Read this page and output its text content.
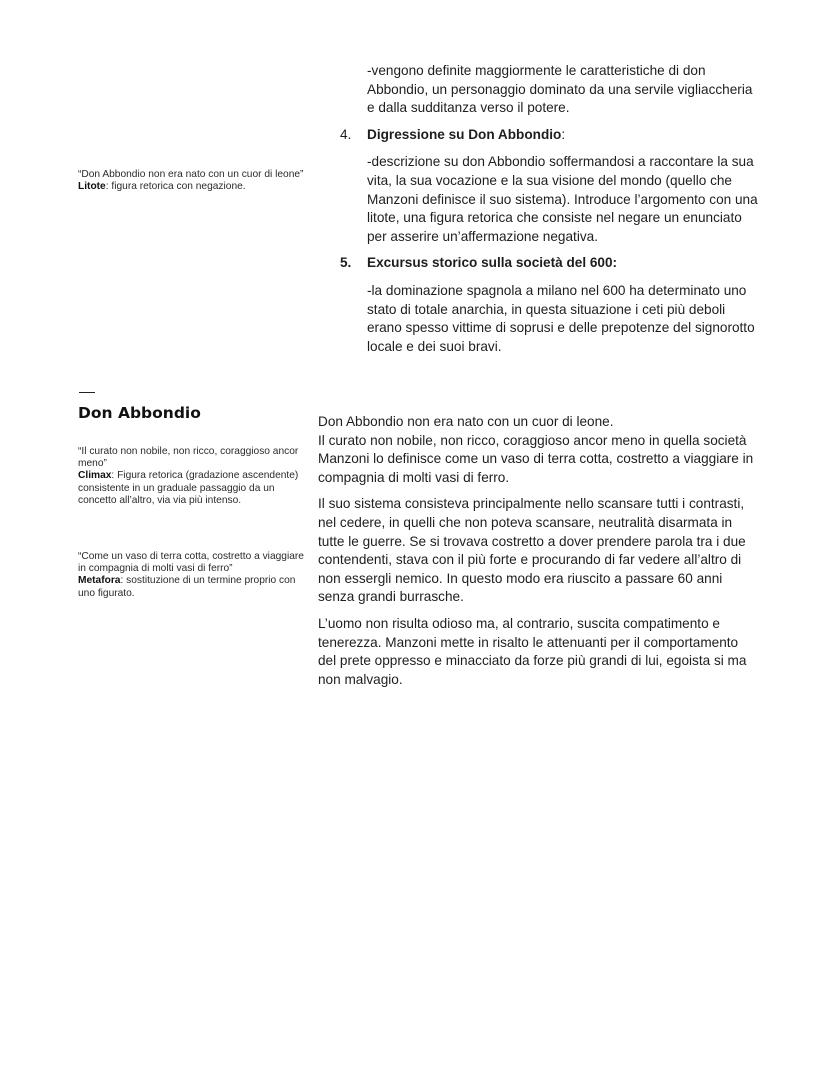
-vengono definite maggiormente le caratteristiche di don Abbondio, un personaggio dominato da una servile vigliaccheria e dalla sudditanza verso il potere.

4.	Digressione su Don Abbondio:

-descrizione su don Abbondio soffermandosi a raccontare la sua vita, la sua vocazione e la sua visione del mondo (quello che Manzoni definisce il suo sistema). Introduce l’argomento con una litote, una figura retorica che consiste nel negare un enunciato per asserire un’affermazione negativa.

5.	Excursus storico sulla società del 600:

-la dominazione spagnola a milano nel 600 ha determinato uno stato di totale anarchia, in questa situazione i ceti più deboli erano spesso vittime di soprusi e delle prepotenze del signorotto locale e dei suoi bravi.

“Don Abbondio non era nato con un cuor di leone”
Litote: figura retorica con negazione.
Don Abbondio
“Il curato non nobile, non ricco, coraggioso ancor meno”
Climax: Figura retorica (gradazione ascendente) consistente in un graduale passaggio da un concetto all’altro, via via più intenso.
“Come un vaso di terra cotta, costretto a viaggiare in compagnia di molti vasi di ferro”
Metafora: sostituzione di un termine proprio con uno figurato.

Don Abbondio non era nato con un cuor di leone.
Il curato non nobile, non ricco, coraggioso ancor meno in quella società Manzoni lo definisce come un vaso di terra cotta, costretto a viaggiare in compagnia di molti vasi di ferro.

Il suo sistema consisteva principalmente nello scansare tutti i contrasti, nel cedere, in quelli che non poteva scansare, neutralità disarmata in tutte le guerre. Se si trovava costretto a dover prendere parola tra i due contendenti, stava con il più forte e procurando di far vedere all’altro di non essergli nemico. In questo modo era riuscito a passare 60 anni senza grandi burrasche.

L’uomo non risulta odioso ma, al contrario, suscita compatimento e tenerezza. Manzoni mette in risalto le attenuanti per il comportamento del prete oppresso e minacciato da forze più grandi di lui, egoista si ma non malvagio.
